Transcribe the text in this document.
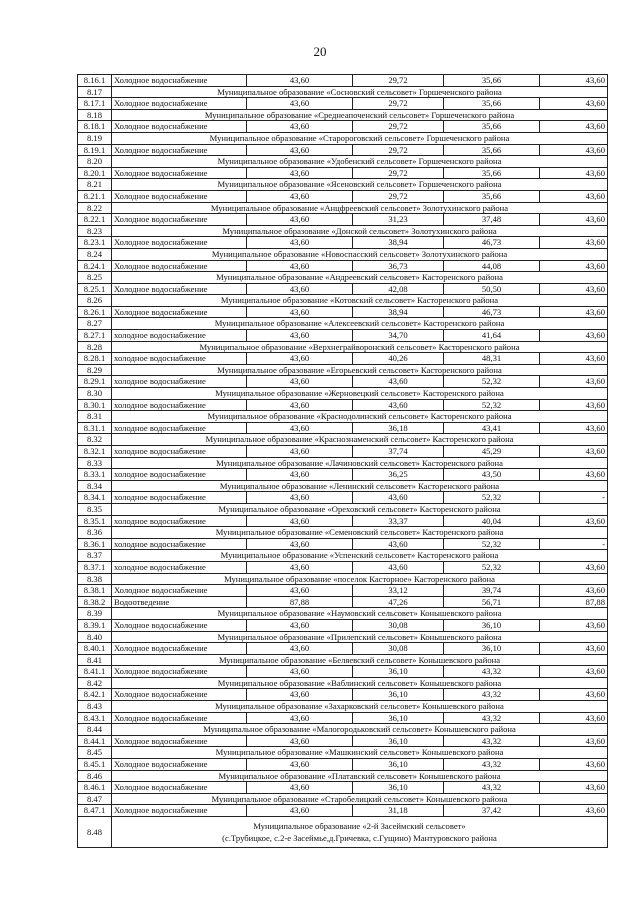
20
8.16.1	Холодное водоснабжение	43,60	29,72	35,66	43,60
8.17	Муниципальное образование «Сосновский сельсовет» Горшеченского района				
8.17.1	Холодное водоснабжение	43,60	29,72	35,66	43,60
8.18	Муниципальное образование «Среднеапоченский сельсовет» Горшеченского района				
8.18.1	Холодное водоснабжение	43,60	29,72	35,66	43,60
8.19	Муниципальное образование «Старороговский сельсовет» Горшеченского района				
8.19.1	Холодное водоснабжение	43,60	29,72	35,66	43,60
8.20	Муниципальное образование «Удобенский сельсовет» Горшеченского района				
8.20.1	Холодное водоснабжение	43,60	29,72	35,66	43,60
8.21	Муниципальное образование «Ясеновский сельсовет» Горшеченского района				
8.21.1	Холодное водоснабжение	43,60	29,72	35,66	43,60
8.22	Муниципальное образование «Анцфреевский сельсовет» Золотухинского района				
8.22.1	Холодное водоснабжение	43,60	31,23	37,48	43,60
8.23	Муниципальное образование «Донской сельсовет» Золотухинского района				
8.23.1	Холодное водоснабжение	43,60	38,94	46,73	43,60
8.24	Муниципальное образование «Новоспасский сельсовет» Золотухинского района				
8.24.1	Холодное водоснабжение	43,60	36,73	44,08	43,60
8.25	Муниципальное образование «Андреевский сельсовет» Касторенского района				
8.25.1	Холодное водоснабжение	43,60	42,08	50,50	43,60
8.26	Муниципальное образование «Котовский сельсовет» Касторенского района				
8.26.1	Холодное водоснабжение	43,60	38,94	46,73	43,60
8.27	Муниципальное образование «Алексеевский сельсовет» Касторенского района				
8.27.1	холодное водоснабжение	43,60	34,70	41,64	43,60
8.28	Муниципальное образование «Верхнеграйворонский сельсовет» Касторенского района				
8.28.1	холодное водоснабжение	43,60	40,26	48,31	43,60
8.29	Муниципальное образование «Егорьевский сельсовет» Касторенского района				
8.29.1	холодное водоснабжение	43,60	43,60	52,32	43,60
8.30	Муниципальное образование «Жерновецкий сельсовет» Касторенского района				
8.30.1	холодное водоснабжение	43,60	43,60	52,32	43,60
8.31	Муниципальное образование «Краснодолинский сельсовет» Касторенского района				
8.31.1	холодное водоснабжение	43,60	36,18	43,41	43,60
8.32	Муниципальное образование «Краснознаменский сельсовет» Касторенского района				
8.32.1	холодное водоснабжение	43,60	37,74	45,29	43,60
8.33	Муниципальное образование «Лачиновский сельсовет» Касторенского района				
8.33.1	холодное водоснабжение	43,60	36,25	43,50	43,60
8.34	Муниципальное образование «Ленинский сельсовет» Касторенского района				
8.34.1	холодное водоснабжение	43,60	43,60	52,32	-
8.35	Муниципальное образование «Ореховский сельсовет» Касторенского района				
8.35.1	холодное водоснабжение	43,60	33,37	40,04	43,60
8.36	Муниципальное образование «Семеновский сельсовет» Касторенского района				
8.36.1	холодное водоснабжение	43,60	43,60	52,32	-
8.37	Муниципальное образование «Успенский сельсовет» Касторенского района				
8.37.1	холодное водоснабжение	43,60	43,60	52,32	43,60
8.38	Муниципальное образование «поселок Касторное» Касторенского района				
8.38.1	Холодное водоснабжение	43,60	33,12	39,74	43,60
8.38.2	Водоотведение	87,88	47,26	56,71	87,88
8.39	Муниципальное образование «Наумовский сельсовет» Конышевского района				
8.39.1	Холодное водоснабжение	43,60	30,08	36,10	43,60
8.40	Муниципальное образование «Прилепский сельсовет» Конышевского района				
8.40.1	Холодное водоснабжение	43,60	30,08	36,10	43,60
8.41	Муниципальное образование «Беляевский сельсовет» Конышевского района				
8.41.1	Холодное водоснабжение	43,60	36,10	43,32	43,60
8.42	Муниципальное образование «Ваблинский сельсовет» Конышевского района				
8.42.1	Холодное водоснабжение	43,60	36,10	43,32	43,60
8.43	Муниципальное образование «Захарковский сельсовет» Конышевского района				
8.43.1	Холодное водоснабжение	43,60	36,10	43,32	43,60
8.44	Муниципальное образование «Малогородьковский сельсовет» Конышевского района				
8.44.1	Холодное водоснабжение	43,60	36,10	43,32	43,60
8.45	Муниципальное образование «Машкинский сельсовет» Конышевского района				
8.45.1	Холодное водоснабжение	43,60	36,10	43,32	43,60
8.46	Муниципальное образование «Платавский сельсовет» Конышевского района				
8.46.1	Холодное водоснабжение	43,60	36,10	43,32	43,60
8.47	Муниципальное образование «Старобелицкий сельсовет» Конышевского района				
8.47.1	Холодное водоснабжение	43,60	31,18	37,42	43,60
8.48	Муниципальное образование «2-й Засеймский сельсовет»
(с.Трубицкое, с.2-е Засеймье,д.Гричевка, с.Гущино) Мантуровского района				
